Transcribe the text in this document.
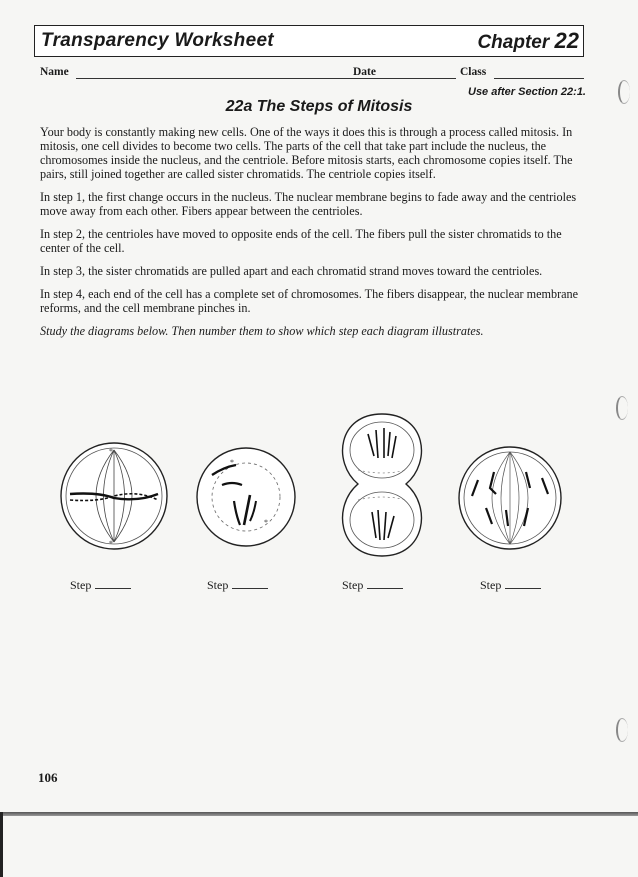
Transparency Worksheet	Chapter 22
Name	Date	Class
Use after Section 22:1.
22a The Steps of Mitosis

Your body is constantly making new cells. One of the ways it does this is through a process called mitosis. In mitosis, one cell divides to become two cells. The parts of the cell that take part include the nucleus, the chromosomes inside the nucleus, and the centriole. Before mitosis starts, each chromosome copies itself. The pairs, still joined together are called sister chromatids. The centriole copies itself.

In step 1, the first change occurs in the nucleus. The nuclear membrane begins to fade away and the centrioles move away from each other. Fibers appear between the centrioles.

In step 2, the centrioles have moved to opposite ends of the cell. The fibers pull the sister chromatids to the center of the cell.

In step 3, the sister chromatids are pulled apart and each chromatid strand moves toward the centrioles.

In step 4, each end of the cell has a complete set of chromosomes. The fibers disappear, the nuclear membrane reforms, and the cell membrane pinches in.

Study the diagrams below. Then number them to show which step each diagram illustrates.

*
*
*
*
Step	Step	Step	Step
106
